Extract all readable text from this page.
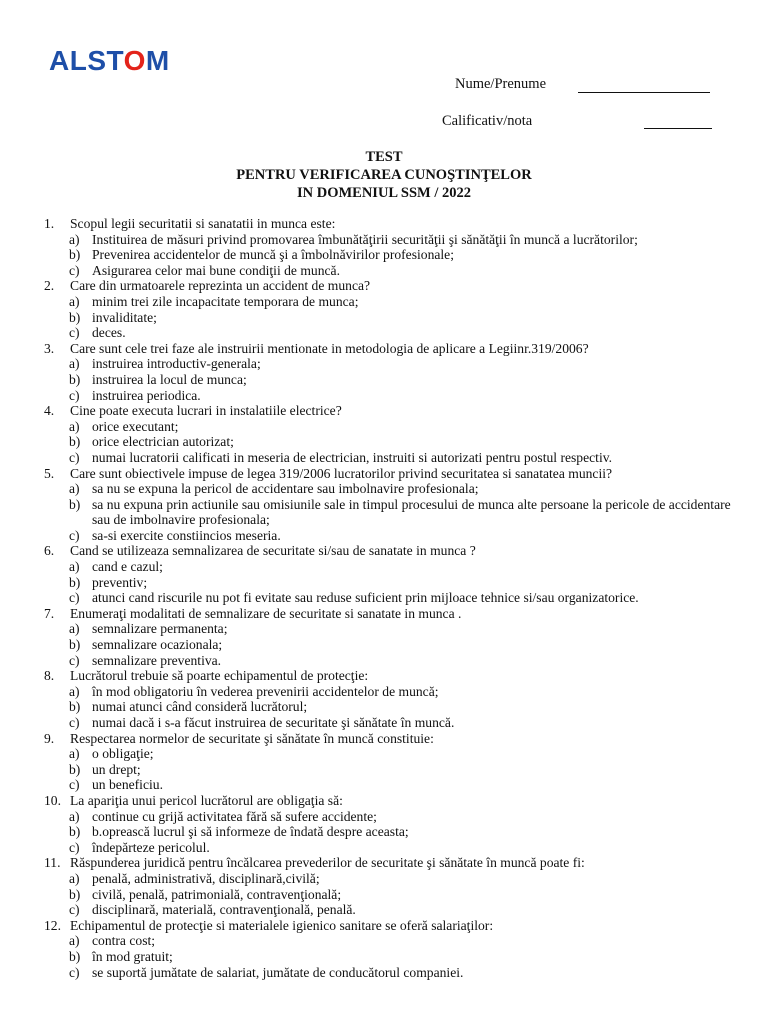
ALSTOM
Nume/Prenume
Calificativ/nota
TEST
PENTRU VERIFICAREA CUNOŞTINŢELOR
IN DOMENIUL SSM / 2022
1. Scopul legii securitatii si sanatatii in munca este:
a) Instituirea de măsuri privind promovarea îmbunătăţirii securităţii şi sănătăţii în muncă a lucrătorilor;
b) Prevenirea accidentelor de muncă şi a îmbolnăvirilor profesionale;
c) Asigurarea celor mai bune condiţii de muncă.
2. Care din urmatoarele reprezinta un accident de munca?
a) minim trei zile incapacitate temporara de munca;
b) invaliditate;
c) deces.
3. Care sunt cele trei faze ale instruirii mentionate in metodologia de aplicare a Legiinr.319/2006?
a) instruirea introductiv-generala;
b) instruirea la locul de munca;
c) instruirea periodica.
4. Cine poate executa lucrari in instalatiile electrice?
a) orice executant;
b) orice electrician autorizat;
c) numai lucratorii calificati in meseria de electrician, instruiti si autorizati pentru postul respectiv.
5. Care sunt obiectivele impuse de legea 319/2006 lucratorilor privind securitatea si sanatatea muncii?
a) sa nu se expuna la pericol de accidentare sau imbolnavire profesionala;
b) sa nu expuna prin actiunile sau omisiunile sale in timpul procesului de munca alte persoane la pericole de accidentare sau de imbolnavire profesionala;
c) sa-si exercite constiincios meseria.
6. Cand se utilizeaza semnalizarea de securitate si/sau de sanatate in munca ?
a) cand e cazul;
b) preventiv;
c) atunci cand riscurile nu pot fi evitate sau reduse suficient prin mijloace tehnice si/sau organizatorice.
7. Enumeraţi modalitati de semnalizare de securitate si sanatate in munca .
a) semnalizare permanenta;
b) semnalizare ocazionala;
c) semnalizare preventiva.
8. Lucrătorul trebuie să poarte echipamentul de protecţie:
a) în mod obligatoriu în vederea prevenirii accidentelor de muncă;
b) numai atunci când consideră lucrătorul;
c) numai dacă i s-a făcut instruirea de securitate şi sănătate în muncă.
9. Respectarea normelor de securitate şi sănătate în muncă constituie:
a) o obligaţie;
b) un drept;
c) un beneficiu.
10. La apariţia unui pericol lucrătorul are obligaţia să:
a) continue cu grijă activitatea fără să sufere accidente;
b) b.oprească lucrul şi să informeze de îndată despre aceasta;
c) îndepărteze pericolul.
11. Răspunderea juridică pentru încălcarea prevederilor de securitate şi sănătate în muncă poate fi:
a) penală, administrativă, disciplinară,civilă;
b) civilă, penală, patrimonială, contravenţională;
c) disciplinară, materială, contravenţională, penală.
12. Echipamentul de protecţie si materialele igienico sanitare se oferă salariaţilor:
a) contra cost;
b) în mod gratuit;
c) se suportă jumătate de salariat, jumătate de conducătorul companiei.
